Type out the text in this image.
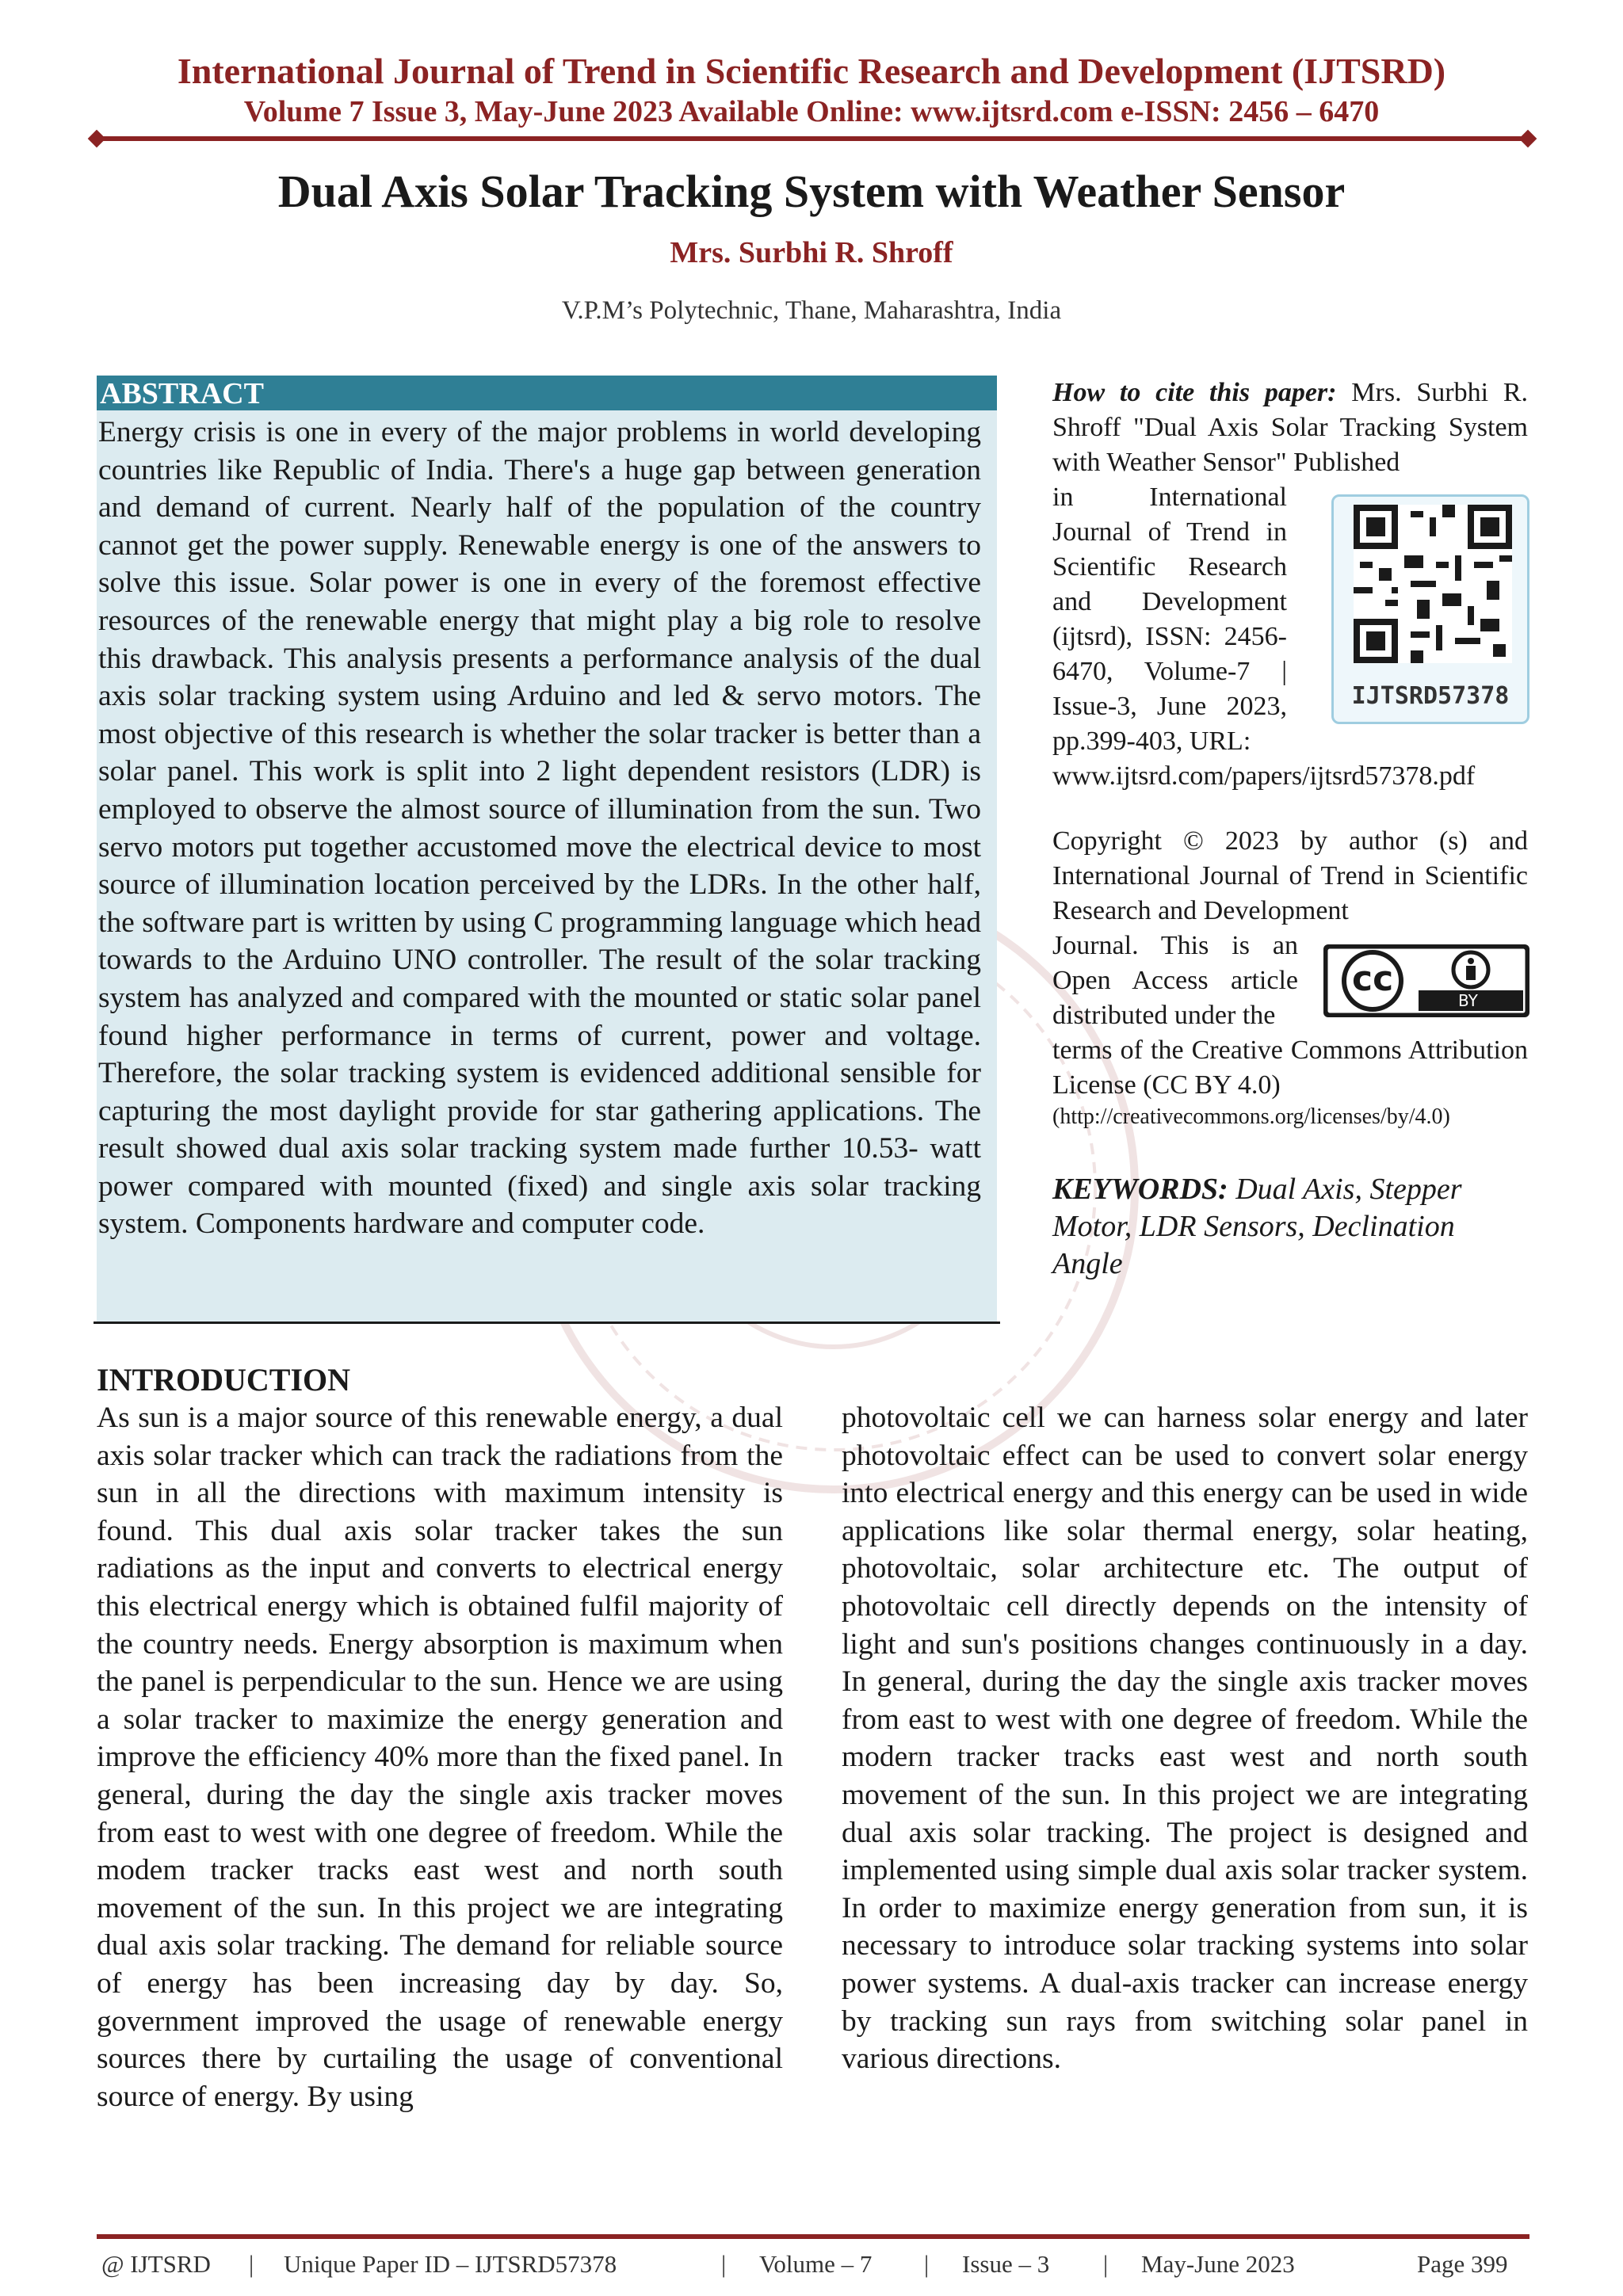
International Journal of Trend in Scientific Research and Development (IJTSRD)
Volume 7 Issue 3, May-June 2023 Available Online: www.ijtsrd.com e-ISSN: 2456 – 6470
Dual Axis Solar Tracking System with Weather Sensor
Mrs. Surbhi R. Shroff
V.P.M’s Polytechnic, Thane, Maharashtra, India
ABSTRACT
Energy crisis is one in every of the major problems in world developing countries like Republic of India. There's a huge gap between generation and demand of current. Nearly half of the population of the country cannot get the power supply. Renewable energy is one of the answers to solve this issue. Solar power is one in every of the foremost effective resources of the renewable energy that might play a big role to resolve this drawback. This analysis presents a performance analysis of the dual axis solar tracking system using Arduino and led & servo motors. The most objective of this research is whether the solar tracker is better than a solar panel. This work is split into 2 light dependent resistors (LDR) is employed to observe the almost source of illumination from the sun. Two servo motors put together accustomed move the electrical device to most source of illumination location perceived by the LDRs. In the other half, the software part is written by using C programming language which head towards to the Arduino UNO controller. The result of the solar tracking system has analyzed and compared with the mounted or static solar panel found higher performance in terms of current, power and voltage. Therefore, the solar tracking system is evidenced additional sensible for capturing the most daylight provide for star gathering applications. The result showed dual axis solar tracking system made further 10.53- watt power compared with mounted (fixed) and single axis solar tracking system. Components hardware and computer code.
How to cite this paper: Mrs. Surbhi R. Shroff "Dual Axis Solar Tracking System with Weather Sensor" Published
in International Journal of Trend in Scientific Research and Development (ijtsrd), ISSN: 2456-6470, Volume-7 | Issue-3, June 2023, pp.399-403, URL:
www.ijtsrd.com/papers/ijtsrd57378.pdf
IJTSRD57378
Copyright © 2023 by author (s) and International Journal of Trend in Scientific Research and Development
Journal. This is an Open Access article distributed under the
terms of the Creative Commons Attribution License (CC BY 4.0)
(http://creativecommons.org/licenses/by/4.0)
cc
BY
KEYWORDS: Dual Axis, Stepper Motor, LDR Sensors, Declination Angle
INTRODUCTION
As sun is a major source of this renewable energy, a dual axis solar tracker which can track the radiations from the sun in all the directions with maximum intensity is found. This dual axis solar tracker takes the sun radiations as the input and converts to electrical energy this electrical energy which is obtained fulfil majority of the country needs. Energy absorption is maximum when the panel is perpendicular to the sun. Hence we are using a solar tracker to maximize the energy generation and improve the efficiency 40% more than the fixed panel. In general, during the day the single axis tracker moves from east to west with one degree of freedom. While the modem tracker tracks east west and north south movement of the sun. In this project we are integrating dual axis solar tracking. The demand for reliable source of energy has been increasing day by day. So, government improved the usage of renewable energy sources there by curtailing the usage of conventional source of energy. By using
photovoltaic cell we can harness solar energy and later photovoltaic effect can be used to convert solar energy into electrical energy and this energy can be used in wide applications like solar thermal energy, solar heating, photovoltaic, solar architecture etc. The output of photovoltaic cell directly depends on the intensity of light and sun's positions changes continuously in a day. In general, during the day the single axis tracker moves from east to west with one degree of freedom. While the modern tracker tracks east west and north south movement of the sun. In this project we are integrating dual axis solar tracking. The project is designed and implemented using simple dual axis solar tracker system. In order to maximize energy generation from sun, it is necessary to introduce solar tracking systems into solar power systems. A dual-axis tracker can increase energy by tracking sun rays from switching solar panel in various directions.
@ IJTSRD | Unique Paper ID – IJTSRD57378	| Volume – 7 | Issue – 3 | May-June 2023	Page 399
